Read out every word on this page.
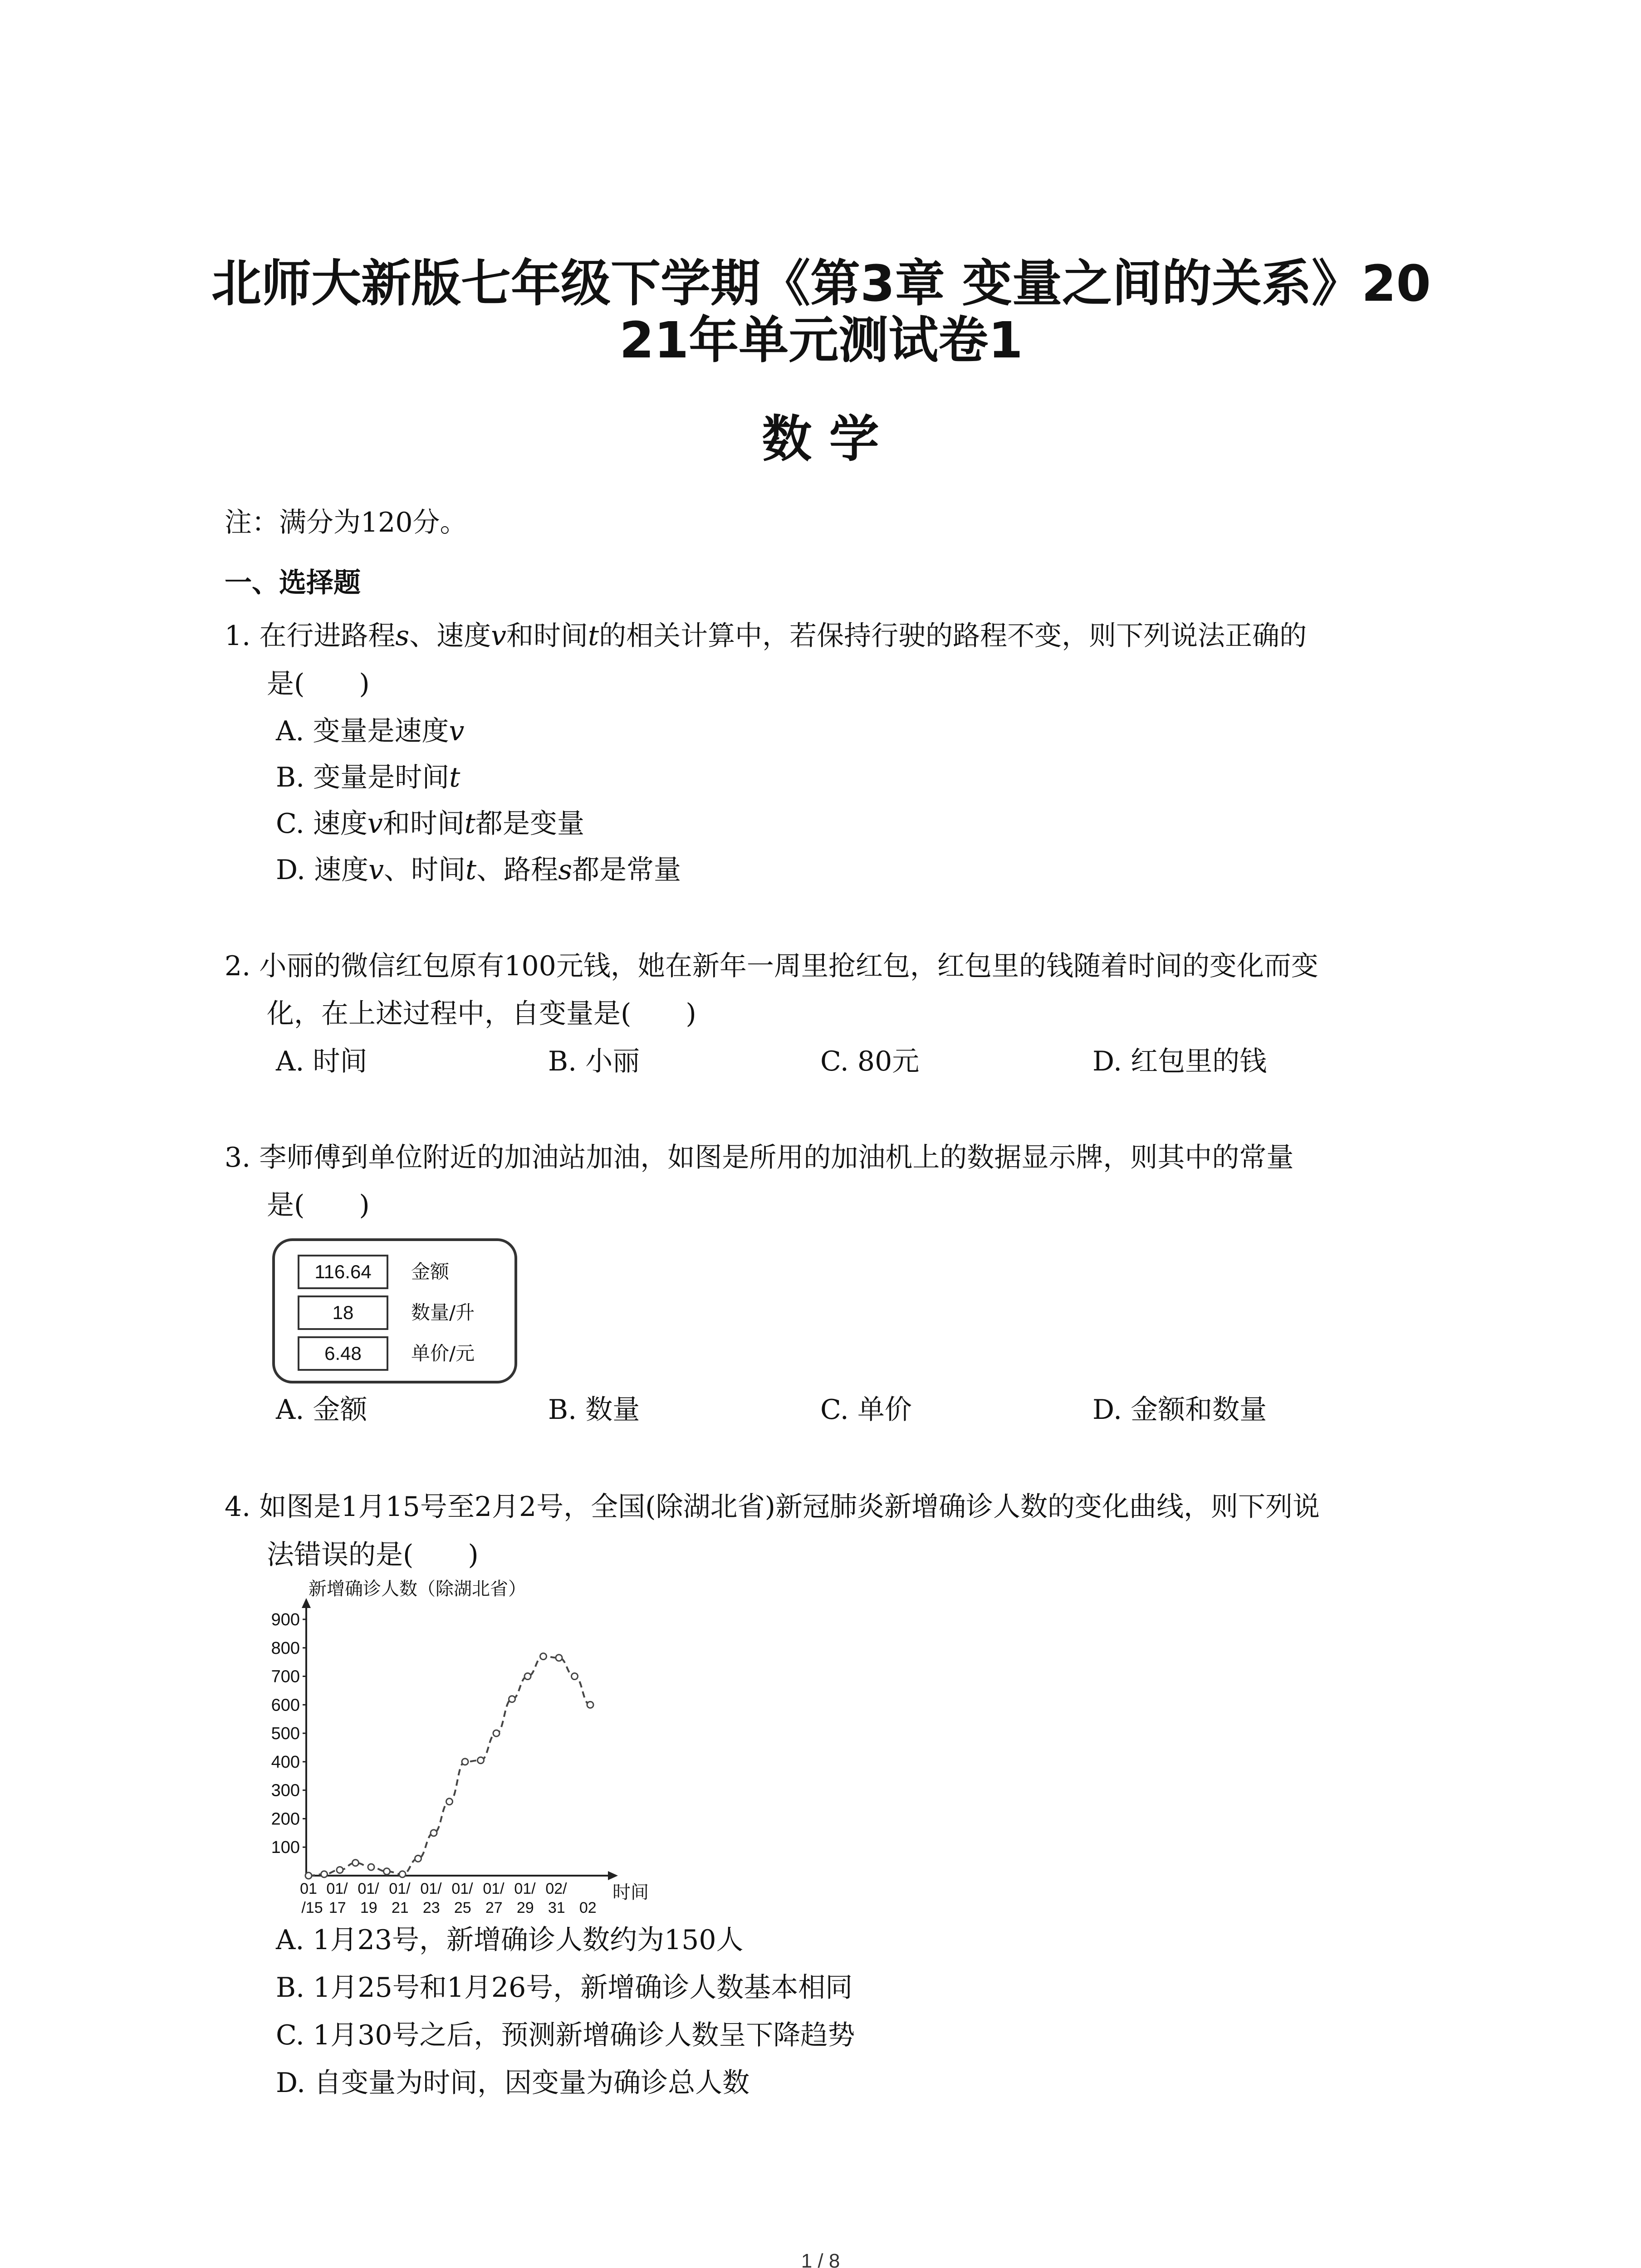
北师大新版七年级下学期《第3章 变量之间的关系》20
21年单元测试卷1
数 学
注：满分为120分。
一、选择题
1. 在行进路程s、速度v和时间t的相关计算中，若保持行驶的路程不变，则下列说法正确的
是(　　)
A. 变量是速度v
B. 变量是时间t
C. 速度v和时间t都是变量
D. 速度v、时间t、路程s都是常量
2. 小丽的微信红包原有100元钱，她在新年一周里抢红包，红包里的钱随着时间的变化而变
化，在上述过程中，自变量是(　　)
A. 时间	B. 小丽	C. 80元	D. 红包里的钱
3. 李师傅到单位附近的加油站加油，如图是所用的加油机上的数据显示牌，则其中的常量
是(　　)
116.64	金额
18	数量/升
6.48	单价/元
A. 金额	B. 数量	C. 单价	D. 金额和数量
4. 如图是1月15号至2月2号，全国(除湖北省)新冠肺炎新增确诊人数的变化曲线，则下列说
法错误的是(　　)
100
200
300
400
500
600
700
800
900
01 01/ 01/ 01/ 01/ 01/ 01/ 01/ 02/
/15 17 19 21 23 25 27 29 31 02
新增确诊人数（除湖北省）
时间
A. 1月23号，新增确诊人数约为150人
B. 1月25号和1月26号，新增确诊人数基本相同
C. 1月30号之后，预测新增确诊人数呈下降趋势
D. 自变量为时间，因变量为确诊总人数
1 / 8
